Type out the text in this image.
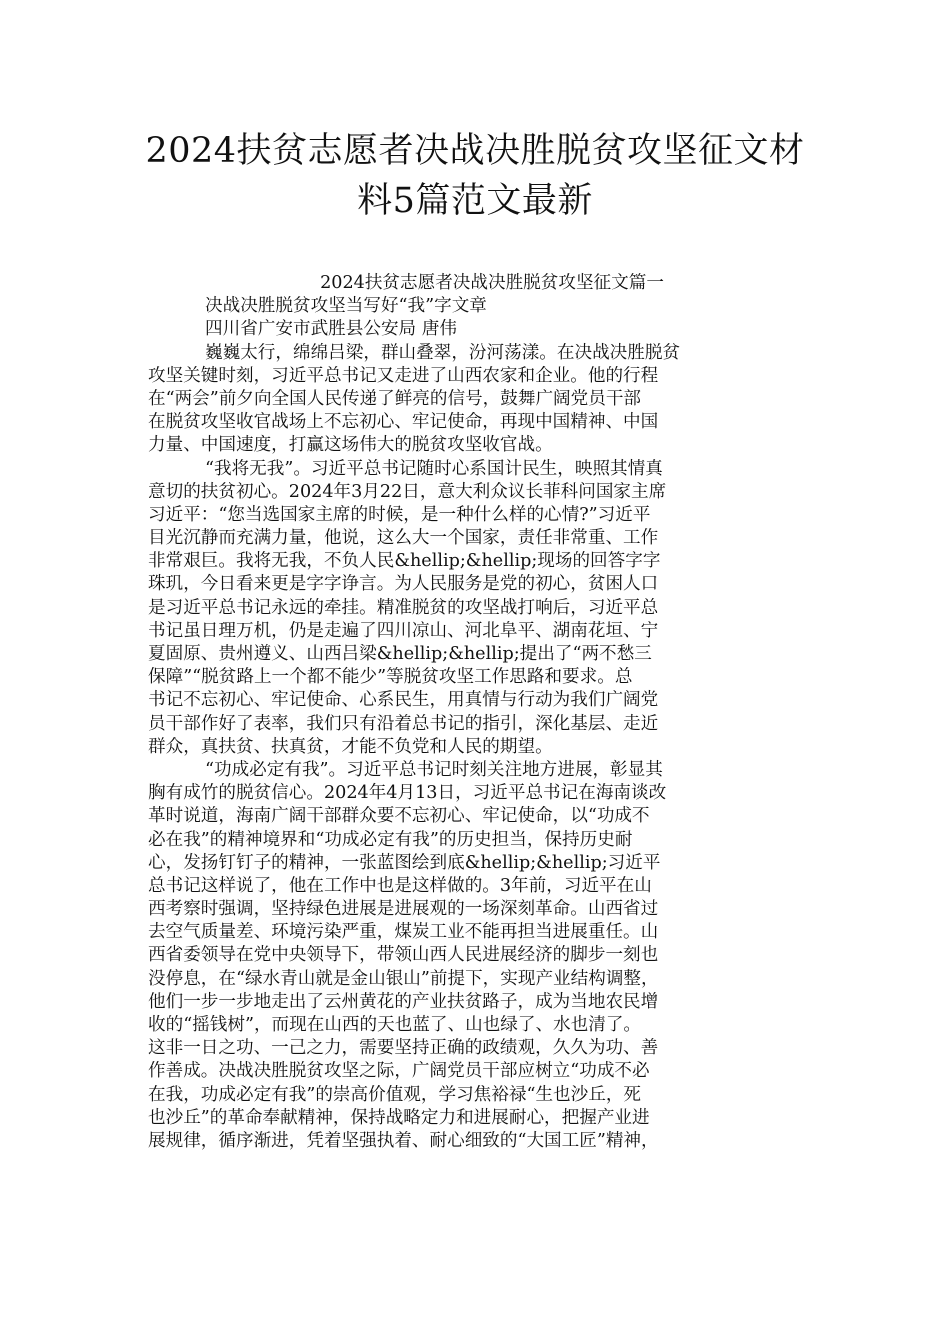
2024扶贫志愿者决战决胜脱贫攻坚征文材
料5篇范文最新
2024扶贫志愿者决战决胜脱贫攻坚征文篇一
决战决胜脱贫攻坚当写好“我”字文章
四川省广安市武胜县公安局 唐伟
巍巍太行，绵绵吕梁，群山叠翠，汾河荡漾。在决战决胜脱贫
攻坚关键时刻，习近平总书记又走进了山西农家和企业。他的行程
在“两会”前夕向全国人民传递了鲜亮的信号，鼓舞广阔党员干部
在脱贫攻坚收官战场上不忘初心、牢记使命，再现中国精神、中国
力量、中国速度，打赢这场伟大的脱贫攻坚收官战。
“我将无我”。习近平总书记随时心系国计民生，映照其情真
意切的扶贫初心。2024年3月22日，意大利众议长菲科问国家主席
习近平：“您当选国家主席的时候，是一种什么样的心情?”习近平
目光沉静而充满力量，他说，这么大一个国家，责任非常重、工作
非常艰巨。我将无我，不负人民&hellip;&hellip;现场的回答字字
珠玑，今日看来更是字字诤言。为人民服务是党的初心，贫困人口
是习近平总书记永远的牵挂。精准脱贫的攻坚战打响后，习近平总
书记虽日理万机，仍是走遍了四川凉山、河北阜平、湖南花垣、宁
夏固原、贵州遵义、山西吕梁&hellip;&hellip;提出了“两不愁三
保障”“脱贫路上一个都不能少”等脱贫攻坚工作思路和要求。总
书记不忘初心、牢记使命、心系民生，用真情与行动为我们广阔党
员干部作好了表率，我们只有沿着总书记的指引，深化基层、走近
群众，真扶贫、扶真贫，才能不负党和人民的期望。
“功成必定有我”。习近平总书记时刻关注地方进展，彰显其
胸有成竹的脱贫信心。2024年4月13日，习近平总书记在海南谈改
革时说道，海南广阔干部群众要不忘初心、牢记使命，以“功成不
必在我”的精神境界和“功成必定有我”的历史担当，保持历史耐
心，发扬钉钉子的精神，一张蓝图绘到底&hellip;&hellip;习近平
总书记这样说了，他在工作中也是这样做的。3年前，习近平在山
西考察时强调，坚持绿色进展是进展观的一场深刻革命。山西省过
去空气质量差、环境污染严重，煤炭工业不能再担当进展重任。山
西省委领导在党中央领导下，带领山西人民进展经济的脚步一刻也
没停息，在“绿水青山就是金山银山”前提下，实现产业结构调整，
他们一步一步地走出了云州黄花的产业扶贫路子，成为当地农民增
收的“摇钱树”，而现在山西的天也蓝了、山也绿了、水也清了。
这非一日之功、一己之力，需要坚持正确的政绩观，久久为功、善
作善成。决战决胜脱贫攻坚之际，广阔党员干部应树立“功成不必
在我，功成必定有我”的崇高价值观，学习焦裕禄“生也沙丘，死
也沙丘”的革命奉献精神，保持战略定力和进展耐心，把握产业进
展规律，循序渐进，凭着坚强执着、耐心细致的“大国工匠”精神，
